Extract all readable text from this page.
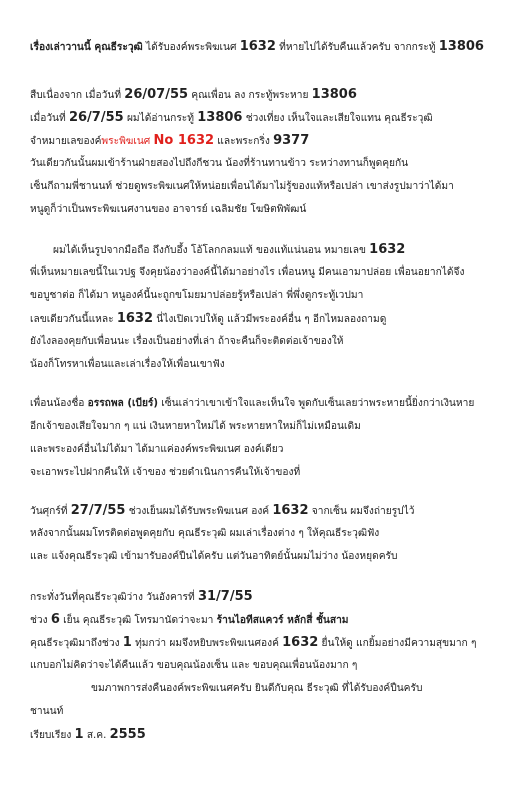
เรื่องเล่าวานนี้ คุณธีระวุฒิ ได้รับองค์พระพิฆเนศ 1632 ที่หายไปได้รับคืนแล้วครับ จากกระทู้ 13806
สืบเนื่องจาก เมื่อวันที่ 26/07/55 คุณเพื่อน ลง กระทู้พระหาย 13806
เมื่อวันที่ 26/7/55 ผมได้อ่านกระทู้ 13806 ช่วงเที่ยง เห็นใจและเสียใจแทน คุณธีระวุฒิ
จำหมายเลของค์พระพิฆเนศ No 1632 และพระกริ่ง 9377
วันเดียวกันนั้นผมเข้าร้านฝ่ายสองไปถึงกีชวน น้องที่ร้านทานข้าว ระหว่างทานก็พูดคุยกัน
เซ็นกีถามพี่ชานนท์ ช่วยดูพระพิฆเนศให้หน่อยเพื่อนได้มาไม่รู้ของแท้หรือเปล่า เขาส่งรูปมาว่าได้มา
หนูดูก็ว่าเป็นพระพิฆเนศงานของ อาจารย์ เฉลิมชัย โฆษิตพิพัฒน์
ผมได้เห็นรูปจากมือถือ ถึงกับอึ้ง โอ้โลกกลมแท้ ของแท้แน่นอน หมายเลข 1632
พี่เห็นหมายเลขนี้ในเวปฐ จึงคุยน้องว่าองค์นี้ได้มาอย่างไร เพื่อนหนู มีคนเอามาปล่อย เพื่อนอยากได้จึง
ขอบูชาต่อ ก็ได้มา หนูองค์นี้นะถูกขโมยมาปล่อยรู้หรือเปล่า พี่พึ่งดูกระทู้เวปมา
เลขเดียวกันนี้แหละ 1632 นี่ไงเปิดเวปให้ดู แล้วมีพระองค์อื่น ๆ อีกไหมลองถามดู
ยังไงลองคุยกับเพื่อนนะ เรื่องเป็นอย่างที่เล่า ถ้าจะคืนก็จะติดต่อเจ้าของให้
น้องก็โทรหาเพื่อนและเล่าเรื่องให้เพื่อนเขาฟัง
เพื่อนน้องชื่อ อรรถพล (เบียร์) เซ็นเล่าว่าเขาเข้าใจและเห็นใจ พูดกับเซ็นเลยว่าพระหายนี้ยิ่งกว่าเงินหาย
อีกเจ้าของเสียใจมาก ๆ แน่ เงินหายหาใหม่ได้ พระหายหาใหม่ก็ไม่เหมือนเดิม
และพระองค์อื่นไม่ได้มา ได้มาแค่องค์พระพิฆเนศ องค์เดียว
จะเอาพระไปฝากคืนให้ เจ้าของ ช่วยดำเนินการคืนให้เจ้าของที่
วันศุกร์ที่ 27/7/55 ช่วงเย็นผมได้รับพระพิฆเนศ องค์ 1632 จากเซ็น ผมจึงถ่ายรูปไว้
หลังจากนั้นผมโทรติดต่อพูดคุยกับ คุณธีระวุฒิ ผมเล่าเรื่องต่าง ๆ ให้คุณธีระวุฒิฟัง
และ แจ้งคุณธีระวุฒิ เข้ามารับองค์ปืนได้ครับ แต่วันอาทิตย์นั้นผมไม่ว่าง น้องหยุดครับ
กระทั่งวันที่คุณธีระวุฒิว่าง วันอังคารที่ 31/7/55
ช่วง 6 เย็น คุณธีระวุฒิ โทรมานัดว่าจะมา ร้านไอทีสแควร์ หลักสี่ ชั้นสาม
คุณธีระวุฒิมาถึงช่วง 1 ทุ่มกว่า ผมจึงหยิบพระพิฆเนศองค์ 1632 ยื่นให้ดู แกยิ้มอย่างมีความสุขมาก ๆ
แกบอกไม่คิดว่าจะได้คืนแล้ว ขอบคุณน้องเซ็น และ ขอบคุณเพื่อนน้องมาก ๆ
ขมภาพการส่งคืนองค์พระพิฆเนศครับ ยินดีกับคุณ ธีระวุฒิ ที่ได้รับองค์ปืนครับ
ชานนท์
เรียบเรียง 1 ส.ค. 2555
